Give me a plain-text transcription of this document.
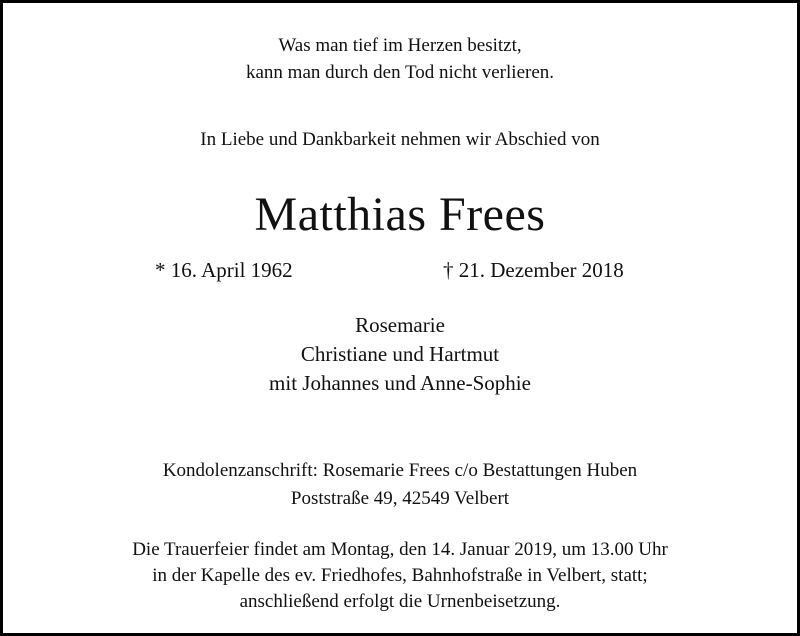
Was man tief im Herzen besitzt,
kann man durch den Tod nicht verlieren.
In Liebe und Dankbarkeit nehmen wir Abschied von
Matthias Frees
* 16. April 1962	† 21. Dezember 2018
Rosemarie
Christiane und Hartmut
mit Johannes und Anne-Sophie
Kondolenzanschrift: Rosemarie Frees c/o Bestattungen Huben
Poststraße 49, 42549 Velbert
Die Trauerfeier findet am Montag, den 14. Januar 2019, um 13.00 Uhr
in der Kapelle des ev. Friedhofes, Bahnhofstraße in Velbert, statt;
anschließend erfolgt die Urnenbeisetzung.
